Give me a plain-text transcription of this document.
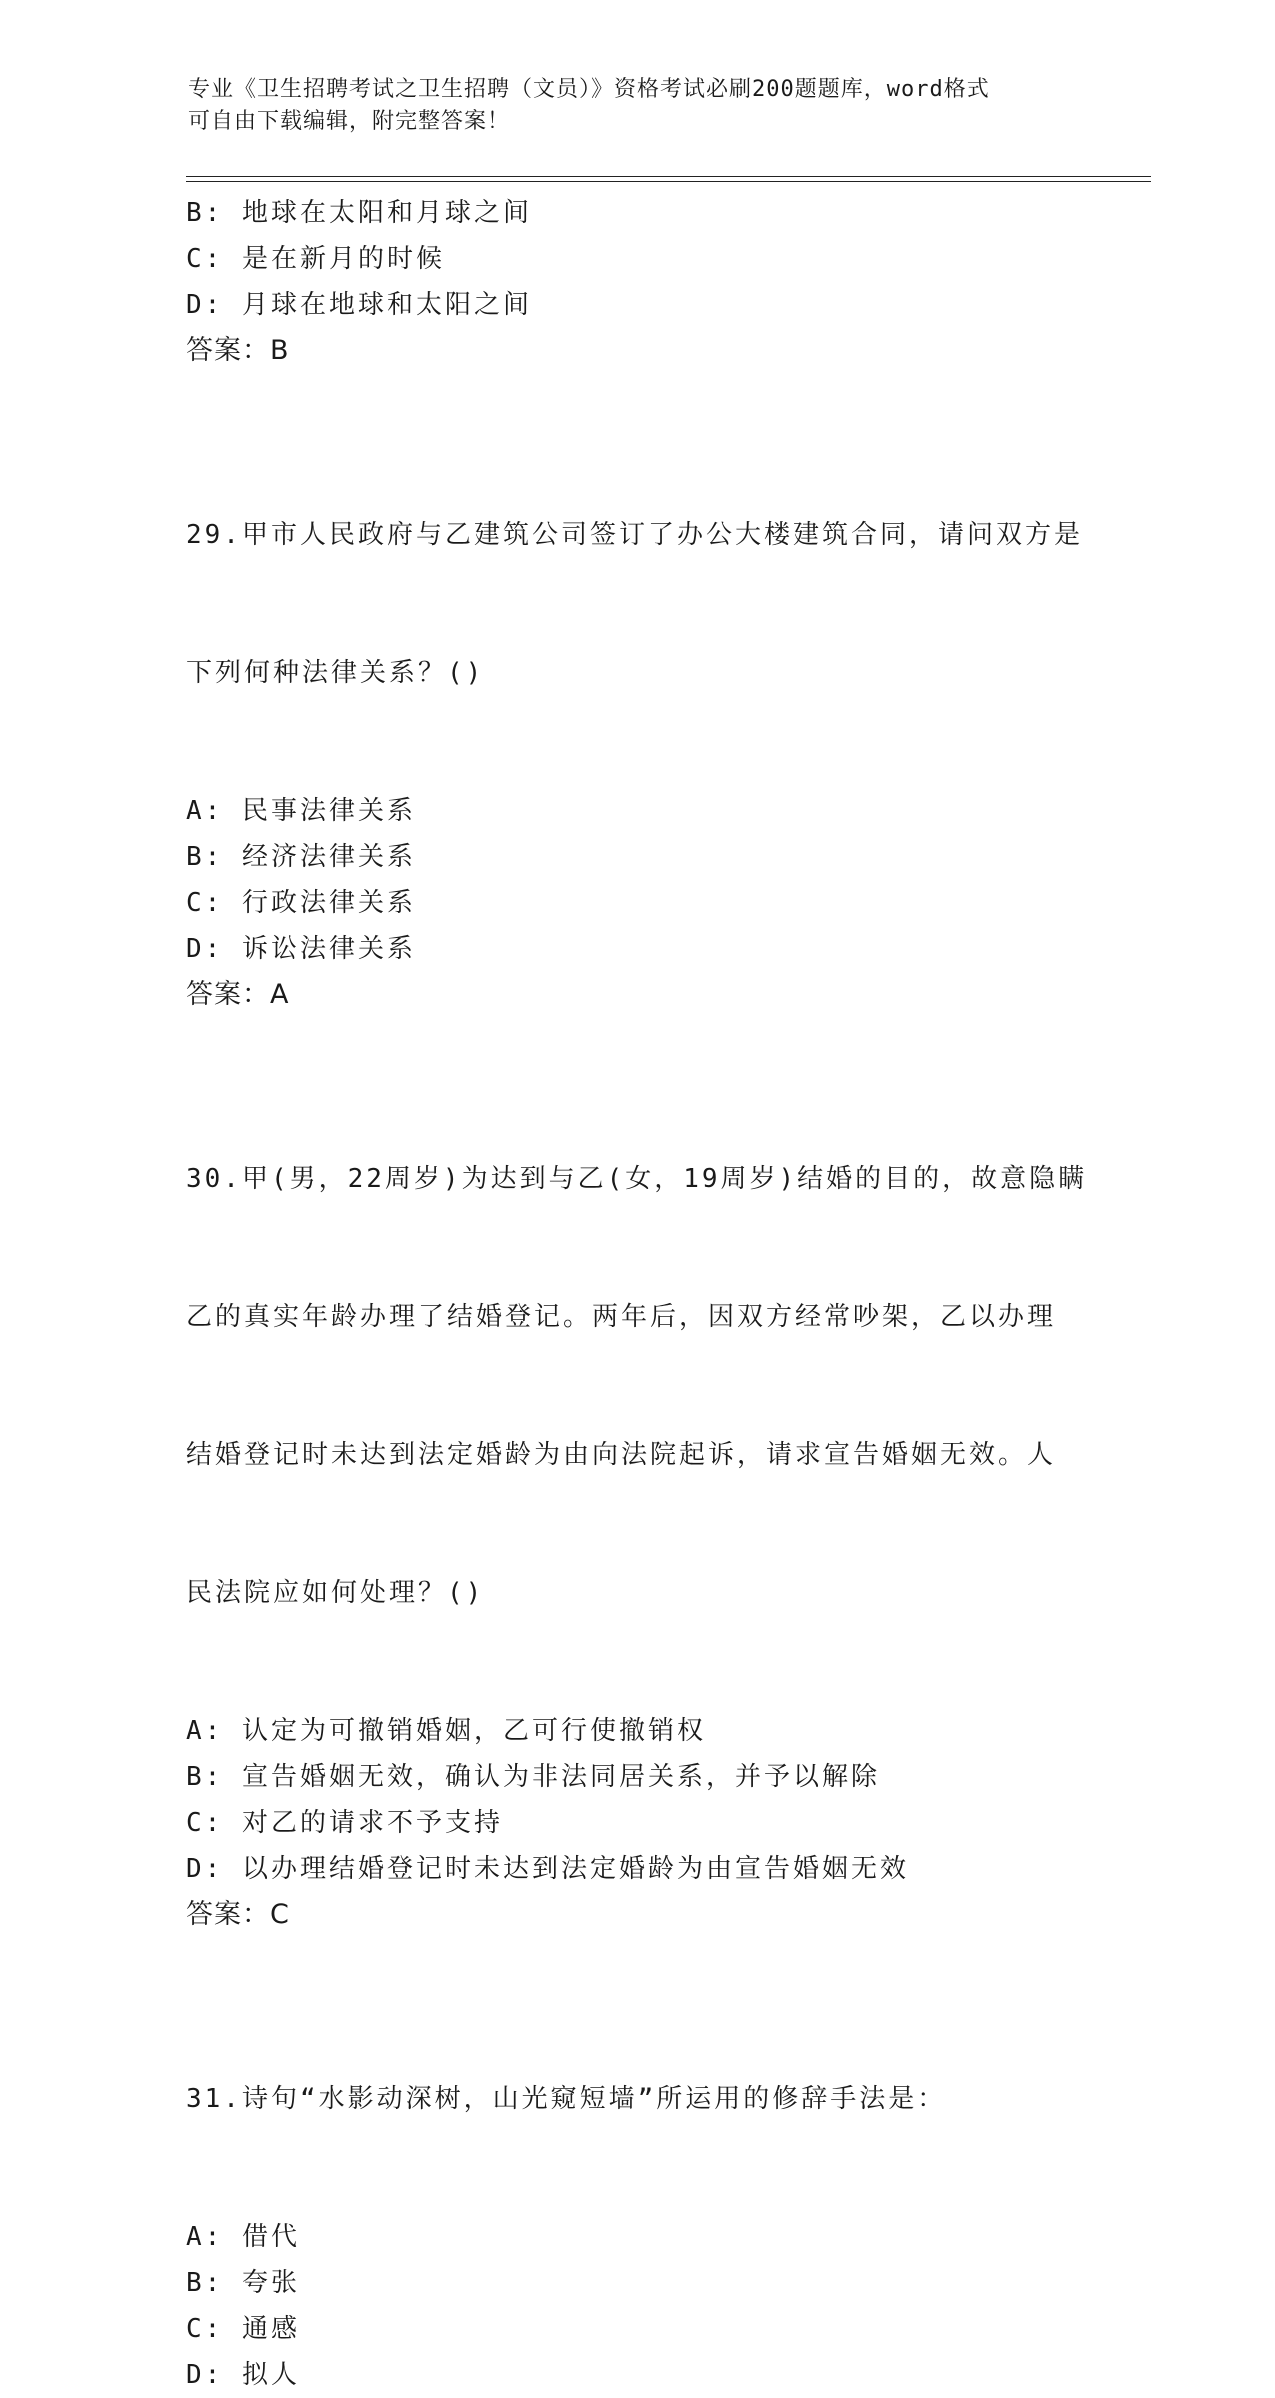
专业《卫生招聘考试之卫生招聘（文员）》资格考试必刷200题题库，word格式
可自由下载编辑，附完整答案！
B: 地球在太阳和月球之间
C: 是在新月的时候
D: 月球在地球和太阳之间
答案：B

29.甲市人民政府与乙建筑公司签订了办公大楼建筑合同，请问双方是

下列何种法律关系？()

A: 民事法律关系
B: 经济法律关系
C: 行政法律关系
D: 诉讼法律关系
答案：A

30.甲(男，22周岁)为达到与乙(女，19周岁)结婚的目的，故意隐瞒

乙的真实年龄办理了结婚登记。两年后，因双方经常吵架，乙以办理

结婚登记时未达到法定婚龄为由向法院起诉，请求宣告婚姻无效。人

民法院应如何处理？()

A: 认定为可撤销婚姻，乙可行使撤销权
B: 宣告婚姻无效，确认为非法同居关系，并予以解除
C: 对乙的请求不予支持
D: 以办理结婚登记时未达到法定婚龄为由宣告婚姻无效
答案：C

31.诗句“水影动深树，山光窥短墙”所运用的修辞手法是：

A: 借代
B: 夸张
C: 通感
D: 拟人
